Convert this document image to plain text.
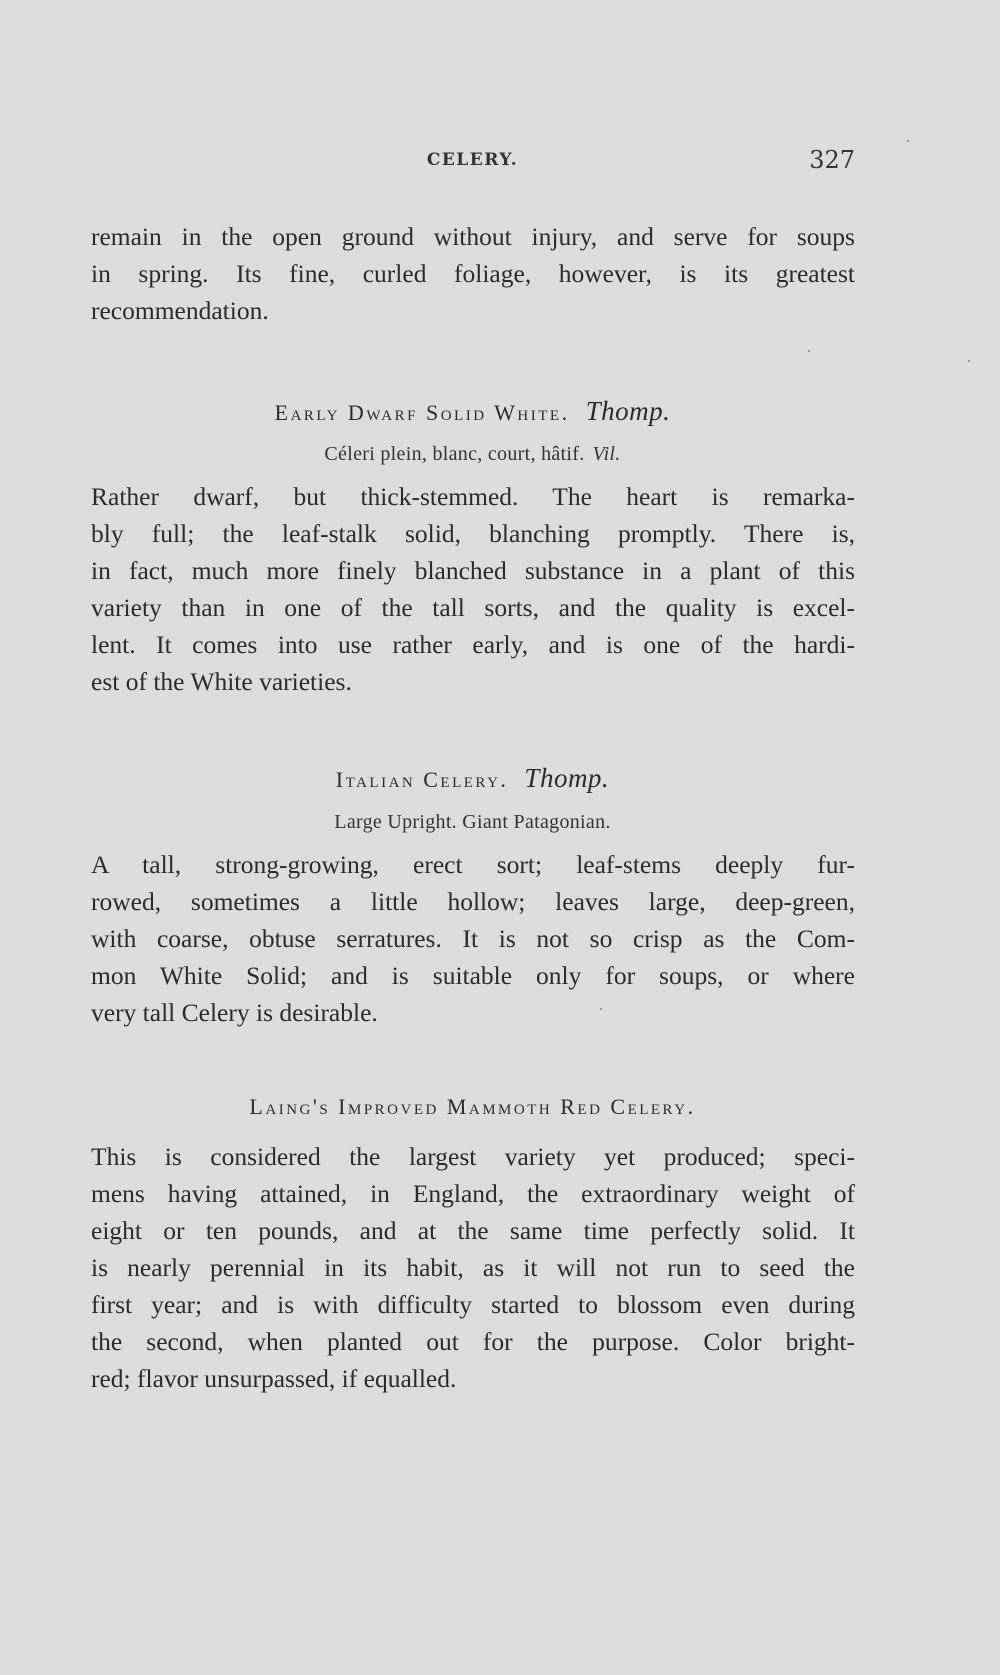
CELERY.	327
remain in the open ground without injury, and serve for soups
in spring. Its fine, curled foliage, however, is its greatest
recommendation.
Early Dwarf Solid White. Thomp.
Céleri plein, blanc, court, hâtif. Vil.
Rather dwarf, but thick-stemmed. The heart is remarka-
bly full; the leaf-stalk solid, blanching promptly. There is,
in fact, much more finely blanched substance in a plant of this
variety than in one of the tall sorts, and the quality is excel-
lent. It comes into use rather early, and is one of the hardi-
est of the White varieties.
Italian Celery. Thomp.
Large Upright. Giant Patagonian.
A tall, strong-growing, erect sort; leaf-stems deeply fur-
rowed, sometimes a little hollow; leaves large, deep-green,
with coarse, obtuse serratures. It is not so crisp as the Com-
mon White Solid; and is suitable only for soups, or where
very tall Celery is desirable.
Laing's Improved Mammoth Red Celery.
This is considered the largest variety yet produced; speci-
mens having attained, in England, the extraordinary weight of
eight or ten pounds, and at the same time perfectly solid. It
is nearly perennial in its habit, as it will not run to seed the
first year; and is with difficulty started to blossom even during
the second, when planted out for the purpose. Color bright-
red; flavor unsurpassed, if equalled.
